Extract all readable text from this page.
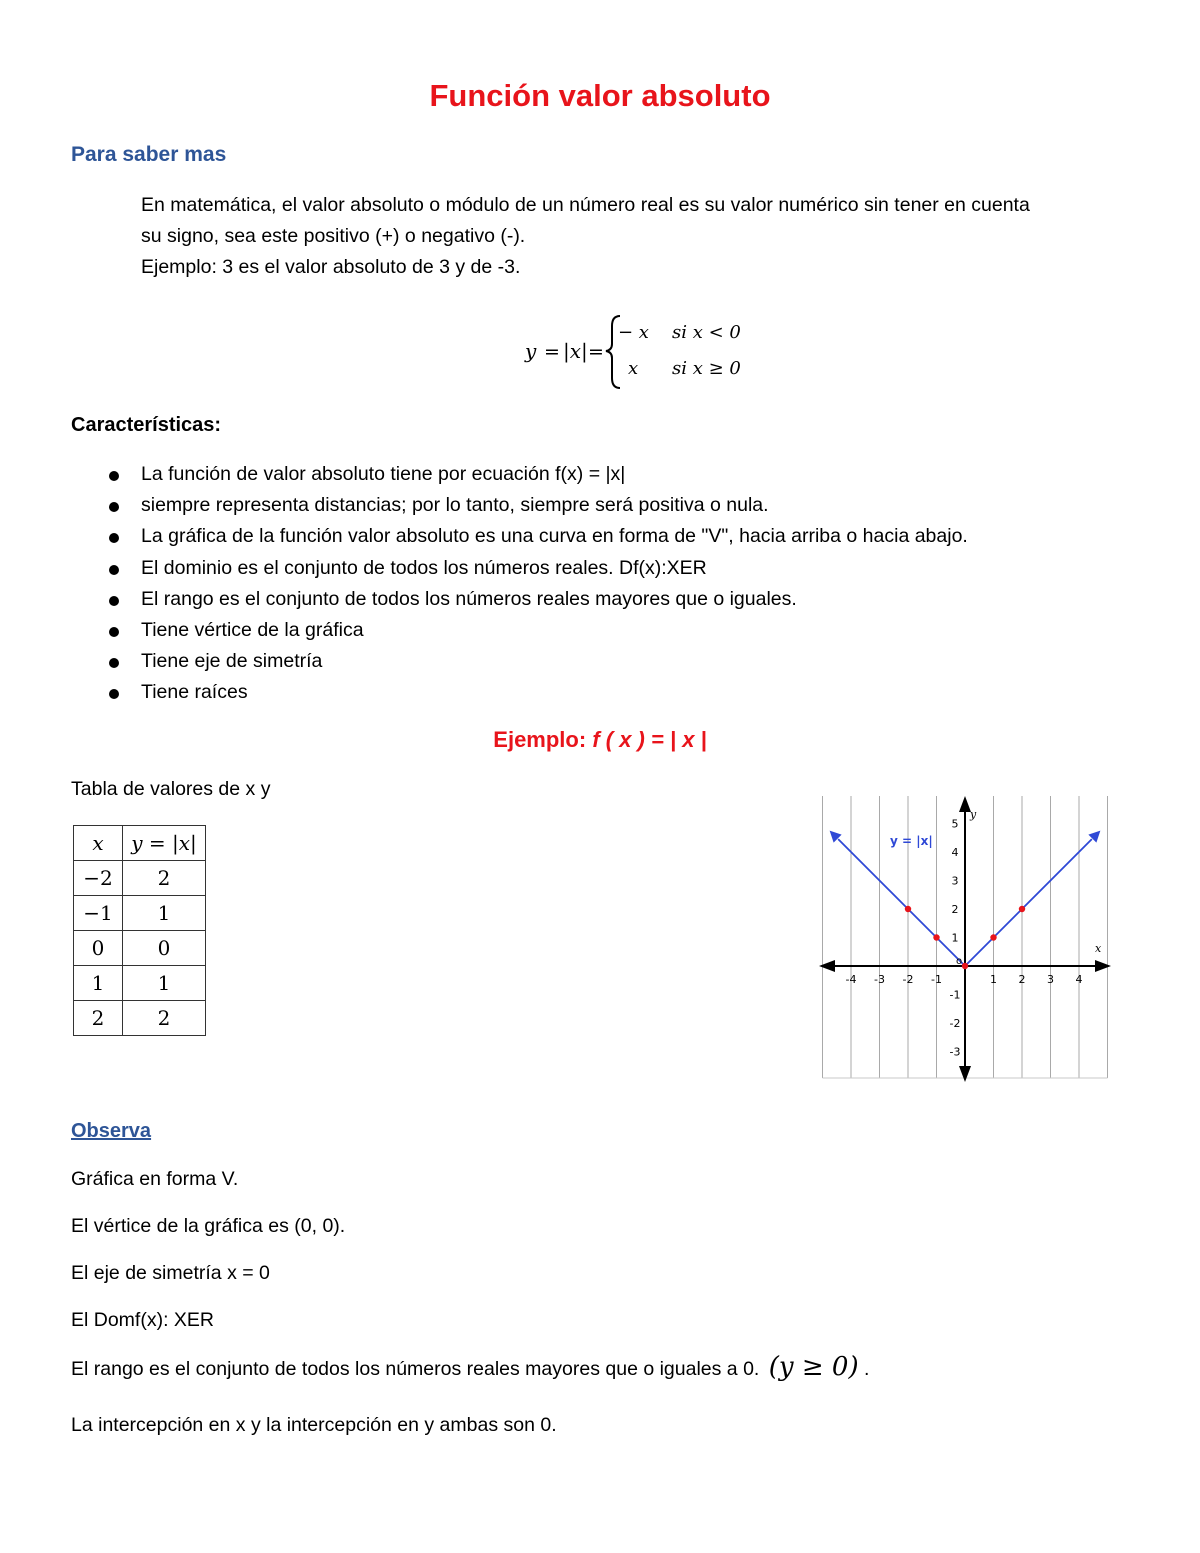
Función valor absoluto
Para saber mas
En matemática, el valor absoluto o módulo de un número real es su valor numérico sin tener en cuenta
su signo, sea este positivo (+) o negativo (-).
Ejemplo: 3 es el valor absoluto de 3 y de -3.
y = |x| =
− x si x < 0
x si x ≥ 0
Características:
La función de valor absoluto tiene por ecuación f(x) = |x|
siempre representa distancias; por lo tanto, siempre será positiva o nula.
La gráfica de la función valor absoluto es una curva en forma de "V", hacia arriba o hacia abajo.
El dominio es el conjunto de todos los números reales. Df(x):XER
El rango es el conjunto de todos los números reales mayores que o iguales.
Tiene vértice de la gráfica
Tiene eje de simetría
Tiene raíces
Ejemplo: f ( x ) = | x |
Tabla de valores de x y
x	y = |x|
−2	2
−1	1
0	0
1	1
2	2
-4 -3 -2 -1	1 2 3 4
-3
-2
-1
1
2
3
4
5
y = |x|
x
y
o
Observa
Gráfica en forma V.
El vértice de la gráfica es (0, 0).
El eje de simetría x = 0
El Domf(x): XER
El rango es el conjunto de todos los números reales mayores que o iguales a 0. (y ≥ 0) .
La intercepción en x y la intercepción en y ambas son 0.
